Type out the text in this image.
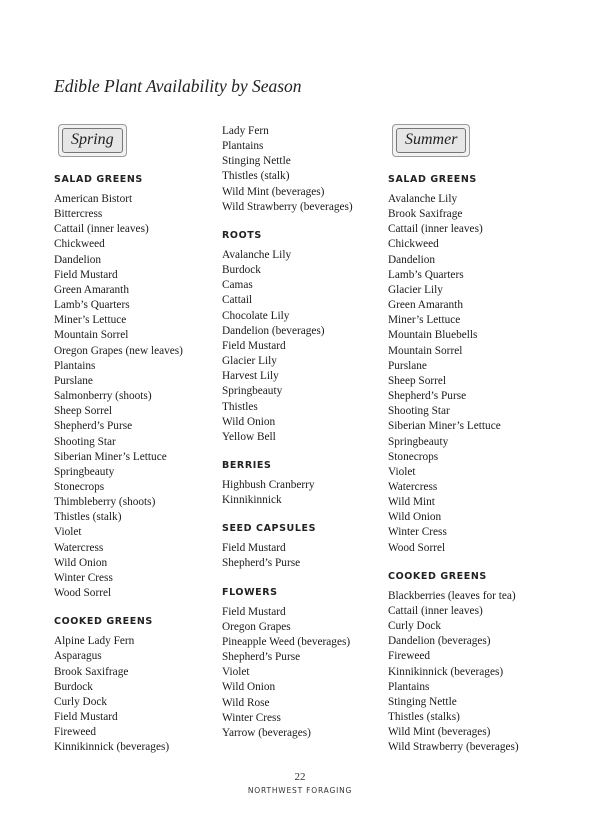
Edible Plant Availability by Season
Spring
SALAD GREENS
American Bistort
Bittercress
Cattail (inner leaves)
Chickweed
Dandelion
Field Mustard
Green Amaranth
Lamb’s Quarters
Miner’s Lettuce
Mountain Sorrel
Oregon Grapes (new leaves)
Plantains
Purslane
Salmonberry (shoots)
Sheep Sorrel
Shepherd’s Purse
Shooting Star
Siberian Miner’s Lettuce
Springbeauty
Stonecrops
Thimbleberry (shoots)
Thistles (stalk)
Violet
Watercress
Wild Onion
Winter Cress
Wood Sorrel
COOKED GREENS
Alpine Lady Fern
Asparagus
Brook Saxifrage
Burdock
Curly Dock
Field Mustard
Fireweed
Kinnikinnick (beverages)
Lady Fern
Plantains
Stinging Nettle
Thistles (stalk)
Wild Mint (beverages)
Wild Strawberry (beverages)
ROOTS
Avalanche Lily
Burdock
Camas
Cattail
Chocolate Lily
Dandelion (beverages)
Field Mustard
Glacier Lily
Harvest Lily
Springbeauty
Thistles
Wild Onion
Yellow Bell
BERRIES
Highbush Cranberry
Kinnikinnick
SEED CAPSULES
Field Mustard
Shepherd’s Purse
FLOWERS
Field Mustard
Oregon Grapes
Pineapple Weed (beverages)
Shepherd’s Purse
Violet
Wild Onion
Wild Rose
Winter Cress
Yarrow (beverages)
Summer
SALAD GREENS
Avalanche Lily
Brook Saxifrage
Cattail (inner leaves)
Chickweed
Dandelion
Lamb’s Quarters
Glacier Lily
Green Amaranth
Miner’s Lettuce
Mountain Bluebells
Mountain Sorrel
Purslane
Sheep Sorrel
Shepherd’s Purse
Shooting Star
Siberian Miner’s Lettuce
Springbeauty
Stonecrops
Violet
Watercress
Wild Mint
Wild Onion
Winter Cress
Wood Sorrel
COOKED GREENS
Blackberries (leaves for tea)
Cattail (inner leaves)
Curly Dock
Dandelion (beverages)
Fireweed
Kinnikinnick (beverages)
Plantains
Stinging Nettle
Thistles (stalks)
Wild Mint (beverages)
Wild Strawberry (beverages)
22
NORTHWEST FORAGING
